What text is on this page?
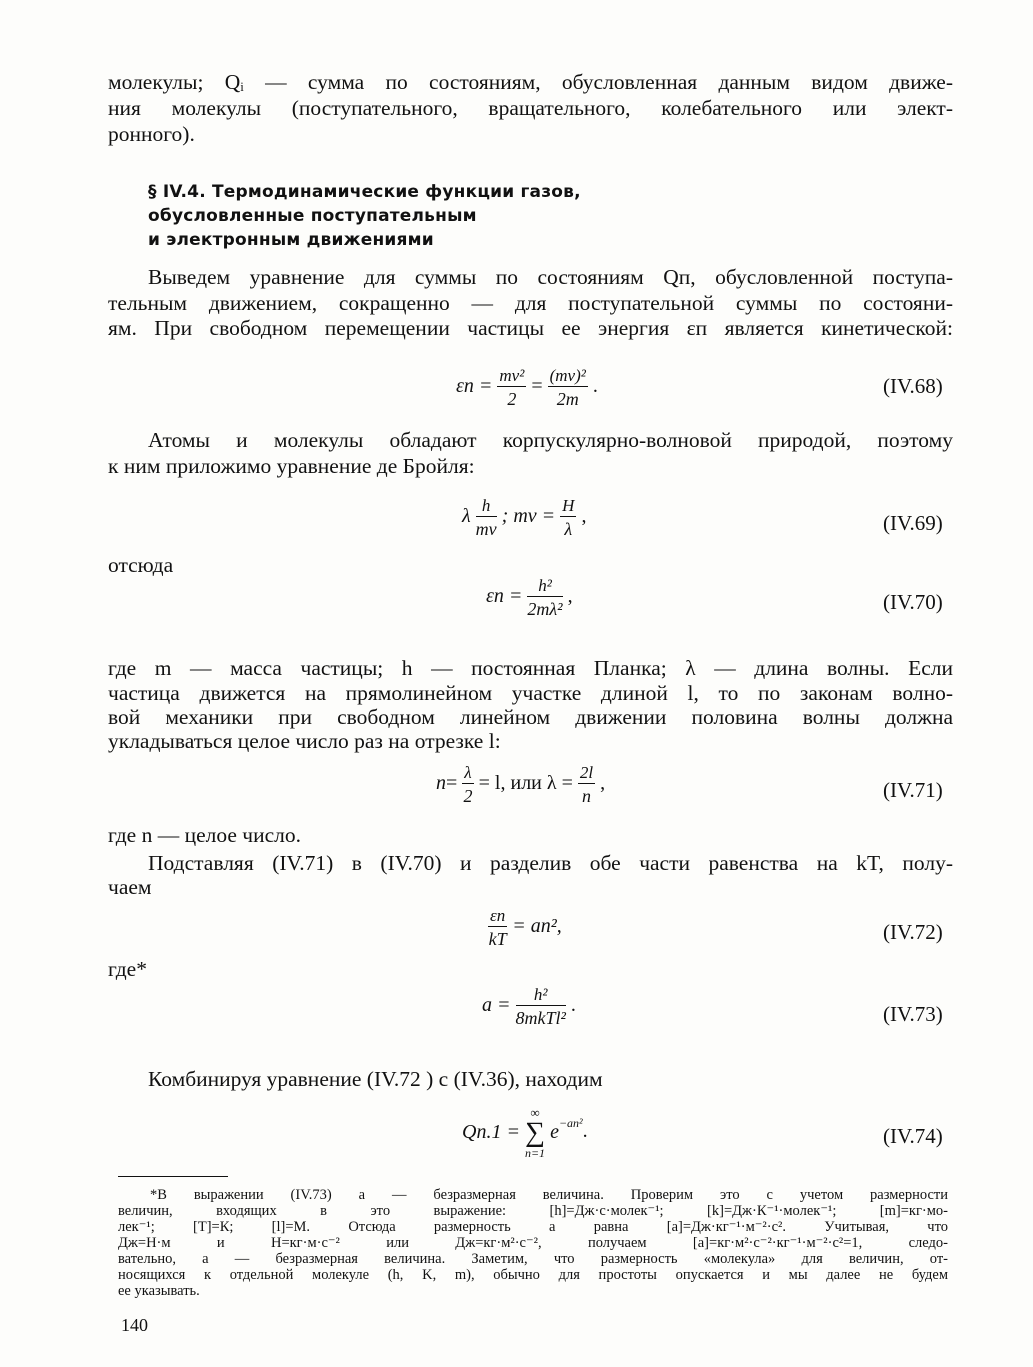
молекулы; Qᵢ — сумма по состояниям, обусловленная данным видом движе-
ния молекулы (поступательного, вращательного, колебательного или элект-
ронного).
§ IV.4. Термодинамические функции газов,
обусловленные поступательным
и электронным движениями
Выведем уравнение для суммы по состояниям Qп, обусловленной поступа-
тельным движением, сокращенно — для поступательной суммы по состояни-
ям. При свободном перемещении частицы ее энергия εп является кинетической:
$\varepsilon п = \frac{\text{mv²}}{2} = \frac{\text{(mv)²}}{2m}$ .	(IV.68)
Атомы и молекулы обладают корпускулярно-волновой природой, поэтому
к ним приложимо уравнение де Бройля:
λ $\frac{h}{mv}$ ; mv = $\frac{H}{\lambda}$ ,	(IV.69)
отсюда
$\varepsilon п = \frac{\text{h²}}{\text{2mλ²}}$ ,	(IV.70)
где m — масса частицы; h — постоянная Планка; λ — длина волны. Если
частица движется на прямолинейном участке длиной l, то по законам волно-
вой механики при свободном линейном движении половина волны должна
укладываться целое число раз на отрезке l:
$n= \frac{\lambda}{2} = l$, или $\lambda = \frac{2l}{n}$ ,	(IV.71)
где n — целое число.
Подставляя (IV.71) в (IV.70) и разделив обе части равенства на kT, полу-
чаем
$\frac{\varepsilon п}{kT} = an^2$,	(IV.72)
где*
$a = \frac{\text{h²}}{\text{8mkTl²}}$ .	(IV.73)
Комбинируя уравнение (IV.72 ) с (IV.36), находим
Qп.1 =
∞
∑
n=1
$e^{-an^2}$.	(IV.74)
*В выражении (IV.73) a — безразмерная величина. Проверим это с учетом размерности
величин, входящих в это выражение: [h]=Дж·с·молек⁻¹; [k]=Дж·К⁻¹·молек⁻¹; [m]=кг·мо-
лек⁻¹; [T]=К; [l]=М. Отсюда размерность a равна [a]=Дж·кг⁻¹·м⁻²·с². Учитывая, что
Дж=Н·м и Н=кг·м·с⁻² или Дж=кг·м²·с⁻², получаем [a]=кг·м²·с⁻²·кг⁻¹·м⁻²·с²=1, следо-
вательно, a — безразмерная величина. Заметим, что размерность «молекула» для величин, от-
носящихся к отдельной молекуле (h, K, m), обычно для простоты опускается и мы далее не будем
ее указывать.
140
